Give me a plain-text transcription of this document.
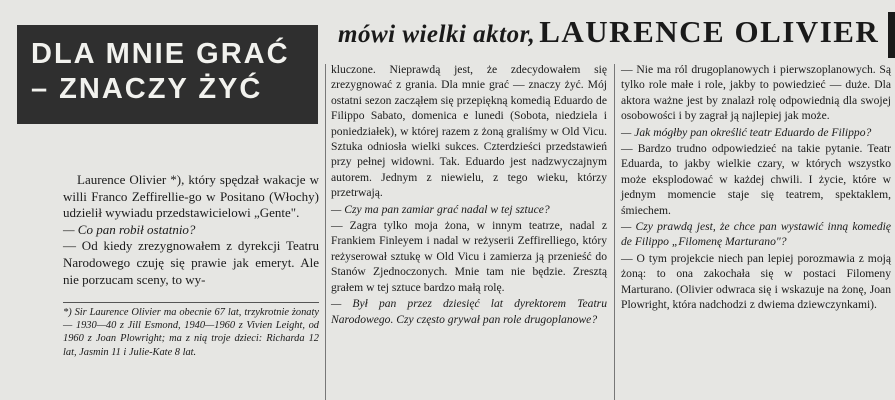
DLA MNIE GRAĆ
– ZNACZY ŻYĆ
mówi wielki aktor, LAURENCE OLIVIER

Laurence Olivier *), który spędzał wakacje w willi Franco Zeffirellie-go w Positano (Włochy) udzielił wywiadu przedstawicielowi „Gente".

— Co pan robił ostatnio?

— Od kiedy zrezygnowałem z dyrekcji Teatru Narodowego czuję się prawie jak emeryt. Ale nie porzucam sceny, to wy-

*) Sir Laurence Olivier ma obecnie 67 lat, trzykrotnie żonaty — 1930—40 z Jill Esmond, 1940—1960 z Vivien Leight, od 1960 z Joan Plowright; ma z nią troje dzieci: Richarda 12 lat, Jasmin 11 i Julie-Kate 8 lat.

kluczone. Nieprawdą jest, że zdecydowałem się zrezygnować z grania. Dla mnie grać — znaczy żyć. Mój ostatni sezon zacząłem się przepiękną komedią Eduardo de Filippo Sabato, domenica e lunedi (Sobota, niedziela i poniedziałek), w której razem z żoną graliśmy w Old Vicu. Sztuka odniosła wielki sukces. Czterdzieści przedstawień przy pełnej widowni. Tak. Eduardo jest nadzwyczajnym autorem. Jednym z niewielu, z tego wieku, którzy przetrwają.

— Czy ma pan zamiar grać nadal w tej sztuce?

— Zagra tylko moja żona, w innym teatrze, nadal z Frankiem Finleyem i nadal w reżyserii Zeffirelliego, który reżyserował sztukę w Old Vicu i zamierza ją przenieść do Stanów Zjednoczonych. Mnie tam nie będzie. Zresztą grałem w tej sztuce bardzo małą rolę.

— Był pan przez dziesięć lat dyrektorem Teatru Narodowego. Czy często grywał pan role drugoplanowe?

— Nie ma ról drugoplanowych i pierwszoplanowych. Są tylko role małe i role, jakby to powiedzieć — duże. Dla aktora ważne jest by znalazł rolę odpowiednią dla swojej osobowości i by zagrał ją najlepiej jak może.

— Jak mógłby pan określić teatr Eduardo de Filippo?

— Bardzo trudno odpowiedzieć na takie pytanie. Teatr Eduarda, to jakby wielkie czary, w których wszystko może eksplodować w każdej chwili. I życie, które w jednym momencie staje się teatrem, spektaklem, śmiechem.

— Czy prawdą jest, że chce pan wystawić inną komedię de Filippo „Filomenę Marturano"?

— O tym projekcie niech pan lepiej porozmawia z moją żoną: to ona zakochała się w postaci Filomeny Marturano. (Olivier odwraca się i wskazuje na żonę, Joan Plowright, która nadchodzi z dwiema dziewczynkami).
